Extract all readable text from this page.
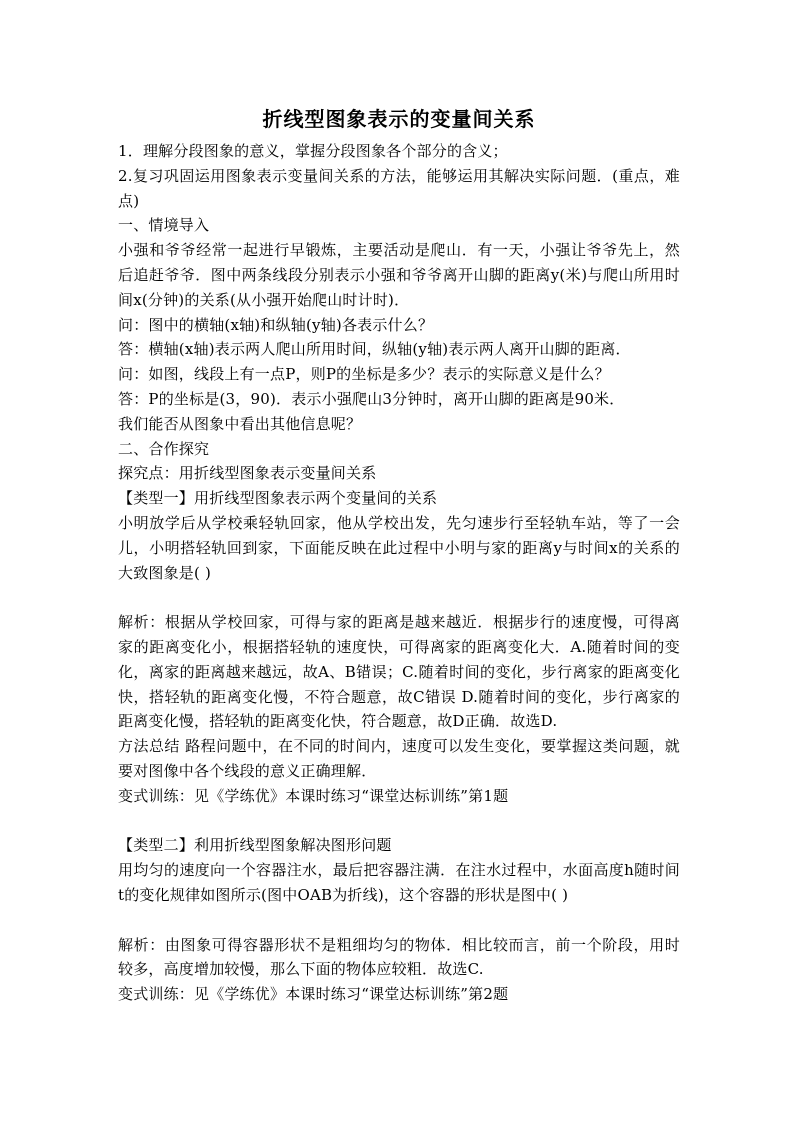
折线型图象表示的变量间关系

1．理解分段图象的意义，掌握分段图象各个部分的含义；

2.复习巩固运用图象表示变量间关系的方法，能够运用其解决实际问题．(重点，难点)

一、情境导入

小强和爷爷经常一起进行早锻炼，主要活动是爬山．有一天，小强让爷爷先上，然后追赶爷爷．图中两条线段分别表示小强和爷爷离开山脚的距离y(米)与爬山所用时间x(分钟)的关系(从小强开始爬山时计时)．

问：图中的横轴(x轴)和纵轴(y轴)各表示什么？

答：横轴(x轴)表示两人爬山所用时间，纵轴(y轴)表示两人离开山脚的距离．

问：如图，线段上有一点P，则P的坐标是多少？表示的实际意义是什么？

答：P的坐标是(3，90)．表示小强爬山3分钟时，离开山脚的距离是90米．

我们能否从图象中看出其他信息呢？

二、合作探究

探究点：用折线型图象表示变量间关系

【类型一】用折线型图象表示两个变量间的关系

小明放学后从学校乘轻轨回家，他从学校出发，先匀速步行至轻轨车站，等了一会儿，小明搭轻轨回到家，下面能反映在此过程中小明与家的距离y与时间x的关系的大致图象是( )

解析：根据从学校回家，可得与家的距离是越来越近．根据步行的速度慢，可得离家的距离变化小，根据搭轻轨的速度快，可得离家的距离变化大．A.随着时间的变化，离家的距离越来越远，故A、B错误；C.随着时间的变化，步行离家的距离变化快，搭轻轨的距离变化慢，不符合题意，故C错误 D.随着时间的变化，步行离家的距离变化慢，搭轻轨的距离变化快，符合题意，故D正确．故选D.

方法总结 路程问题中，在不同的时间内，速度可以发生变化，要掌握这类问题，就要对图像中各个线段的意义正确理解．

变式训练：见《学练优》本课时练习“课堂达标训练”第1题

【类型二】利用折线型图象解决图形问题

用均匀的速度向一个容器注水，最后把容器注满．在注水过程中，水面高度h随时间t的变化规律如图所示(图中OAB为折线)，这个容器的形状是图中( )

解析：由图象可得容器形状不是粗细均匀的物体．相比较而言，前一个阶段，用时较多，高度增加较慢，那么下面的物体应较粗．故选C.

变式训练：见《学练优》本课时练习“课堂达标训练”第2题
